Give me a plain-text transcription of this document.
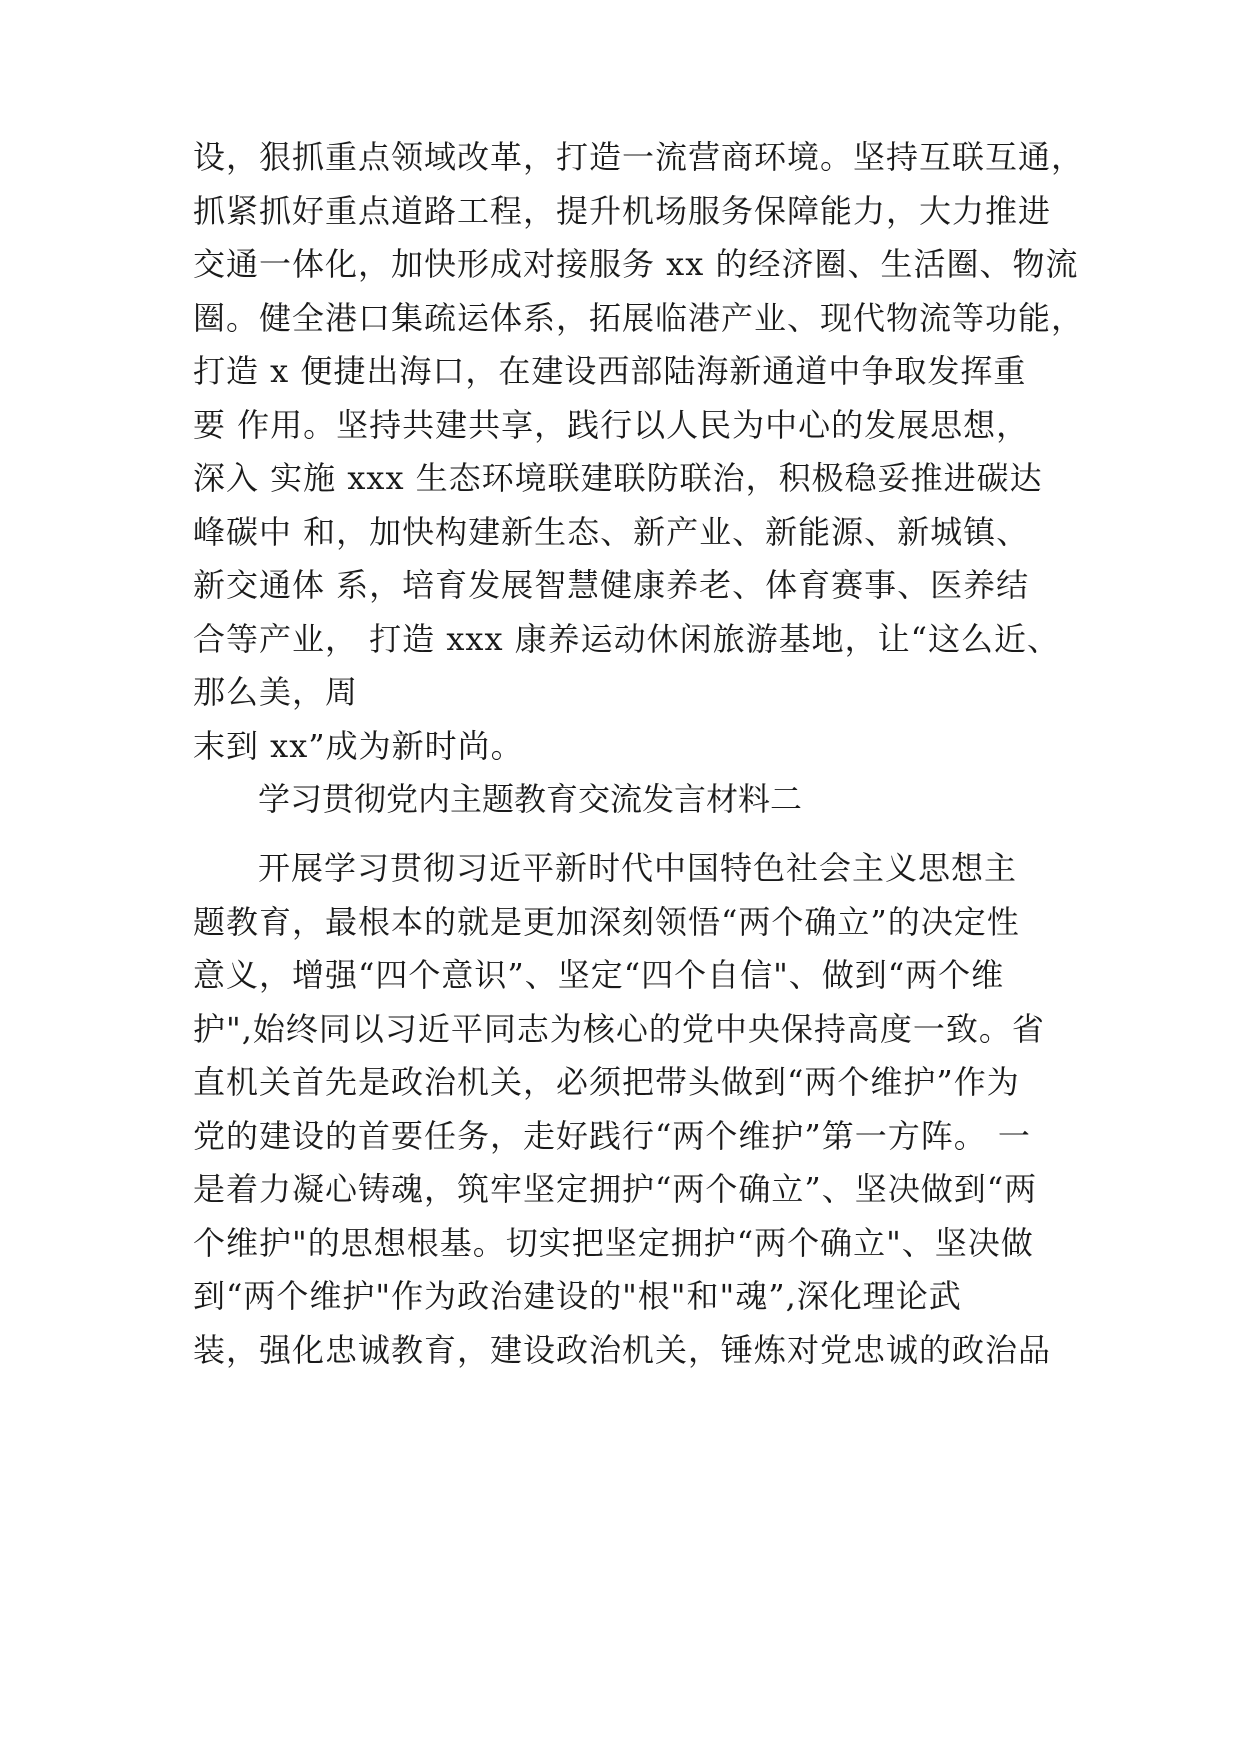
设，狠抓重点领域改革，打造一流营商环境。坚持互联互通，
抓紧抓好重点道路工程，提升机场服务保障能力，大力推进
交通一体化，加快形成对接服务 xx 的经济圈、生活圈、物流
圈。健全港口集疏运体系，拓展临港产业、现代物流等功能，
打造 x 便捷出海口，在建设西部陆海新通道中争取发挥重
要 作用。坚持共建共享，践行以人民为中心的发展思想，
深入 实施 xxx 生态环境联建联防联治，积极稳妥推进碳达
峰碳中 和，加快构建新生态、新产业、新能源、新城镇、
新交通体 系，培育发展智慧健康养老、体育赛事、医养结
合等产业， 打造 xxx 康养运动休闲旅游基地，让“这么近、
那么美，周
末到 xx”成为新时尚。
学习贯彻党内主题教育交流发言材料二
开展学习贯彻习近平新时代中国特色社会主义思想主
题教育，最根本的就是更加深刻领悟“两个确立”的决定性
意义，增强“四个意识”、坚定“四个自信"、做到“两个维
护",始终同以习近平同志为核心的党中央保持高度一致。省
直机关首先是政治机关，必须把带头做到“两个维护”作为
党的建设的首要任务，走好践行“两个维护”第一方阵。 一
是着力凝心铸魂，筑牢坚定拥护“两个确立”、坚决做到“两
个维护"的思想根基。切实把坚定拥护“两个确立"、坚决做
到“两个维护"作为政治建设的"根"和"魂”,深化理论武
装，强化忠诚教育，建设政治机关，锤炼对党忠诚的政治品
